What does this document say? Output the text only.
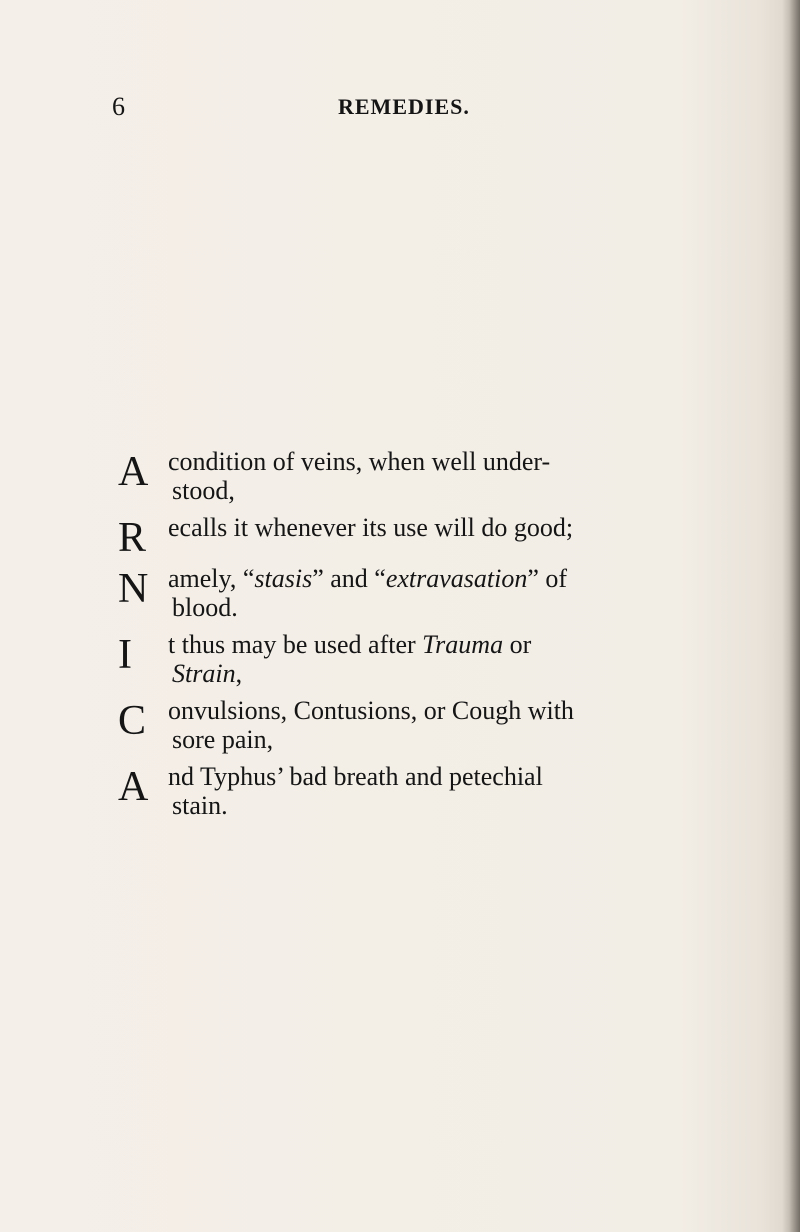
6	REMEDIES.
A condition of veins, when well under-
stood,
R ecalls it whenever its use will do good;
N amely, “stasis” and “extravasation” of
blood.
I t thus may be used after Trauma or
Strain,
C onvulsions, Contusions, or Cough with
sore pain,
A nd Typhus’ bad breath and petechial
stain.
